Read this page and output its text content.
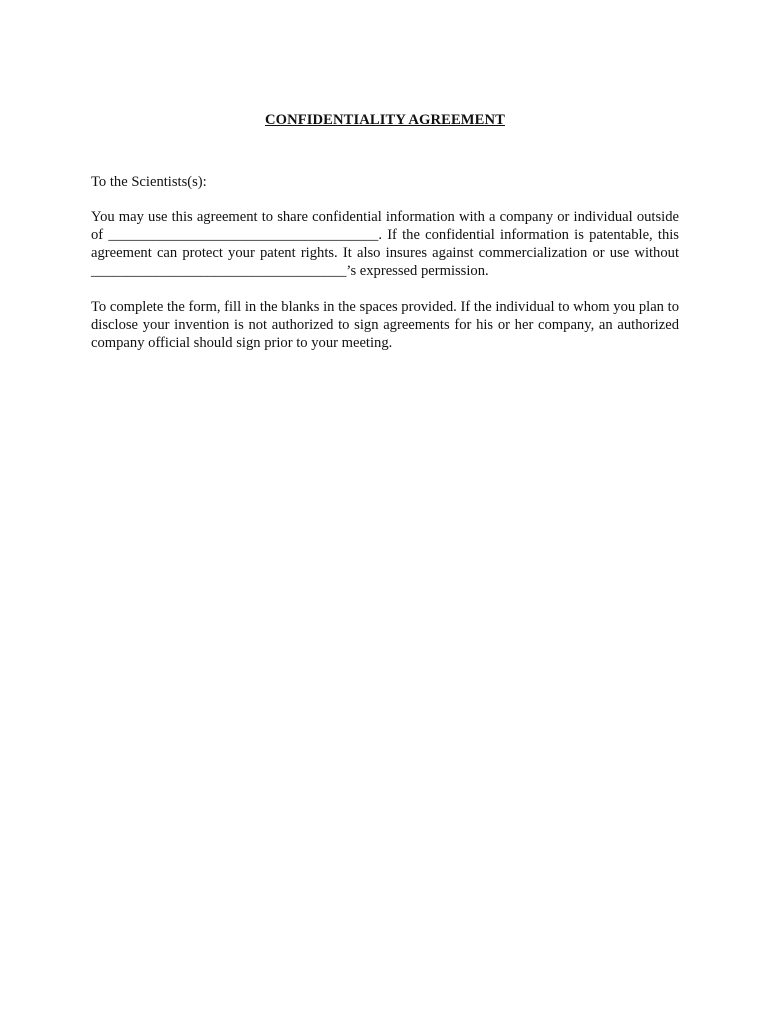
CONFIDENTIALITY AGREEMENT
To the Scientists(s):
You may use this agreement to share confidential information with a company or individual outside of _____________________________________. If the confidential information is patentable, this agreement can protect your patent rights. It also insures against commercialization or use without ___________________________________’s expressed permission.
To complete the form, fill in the blanks in the spaces provided. If the individual to whom you plan to disclose your invention is not authorized to sign agreements for his or her company, an authorized company official should sign prior to your meeting.
